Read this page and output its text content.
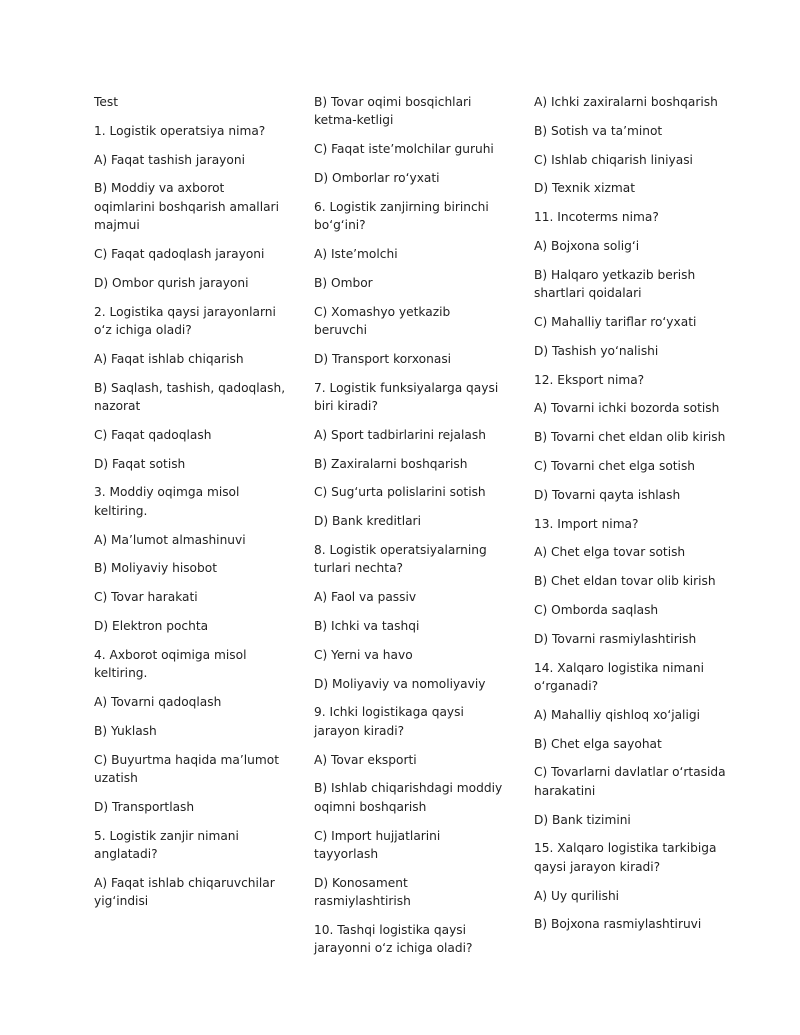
Test
1. Logistik operatsiya nima?
A) Faqat tashish jarayoni
B) Moddiy va axborot oqimlarini boshqarish amallari majmui
C) Faqat qadoqlash jarayoni
D) Ombor qurish jarayoni
2. Logistika qaysi jarayonlarni o‘z ichiga oladi?
A) Faqat ishlab chiqarish
B) Saqlash, tashish, qadoqlash, nazorat
C) Faqat qadoqlash
D) Faqat sotish
3. Moddiy oqimga misol keltiring.
A) Ma’lumot almashinuvi
B) Moliyaviy hisobot
C) Tovar harakati
D) Elektron pochta
4. Axborot oqimiga misol keltiring.
A) Tovarni qadoqlash
B) Yuklash
C) Buyurtma haqida ma’lumot uzatish
D) Transportlash
5. Logistik zanjir nimani anglatadi?
A) Faqat ishlab chiqaruvchilar yig‘indisi
B) Tovar oqimi bosqichlari ketma-ketligi
C) Faqat iste’molchilar guruhi
D) Omborlar ro‘yxati
6. Logistik zanjirning birinchi bo‘g‘ini?
A) Iste’molchi
B) Ombor
C) Xomashyo yetkazib beruvchi
D) Transport korxonasi
7. Logistik funksiyalarga qaysi biri kiradi?
A) Sport tadbirlarini rejalash
B) Zaxiralarni boshqarish
C) Sug‘urta polislarini sotish
D) Bank kreditlari
8. Logistik operatsiyalarning turlari nechta?
A) Faol va passiv
B) Ichki va tashqi
C) Yerni va havo
D) Moliyaviy va nomoliyaviy
9. Ichki logistikaga qaysi jarayon kiradi?
A) Tovar eksporti
B) Ishlab chiqarishdagi moddiy oqimni boshqarish
C) Import hujjatlarini tayyorlash
D) Konosament rasmiylashtirish
10. Tashqi logistika qaysi jarayonni o‘z ichiga oladi?
A) Ichki zaxiralarni boshqarish
B) Sotish va ta’minot
C) Ishlab chiqarish liniyasi
D) Texnik xizmat
11. Incoterms nima?
A) Bojxona solig‘i
B) Halqaro yetkazib berish shartlari qoidalari
C) Mahalliy tariflar ro‘yxati
D) Tashish yo‘nalishi
12. Eksport nima?
A) Tovarni ichki bozorda sotish
B) Tovarni chet eldan olib kirish
C) Tovarni chet elga sotish
D) Tovarni qayta ishlash
13. Import nima?
A) Chet elga tovar sotish
B) Chet eldan tovar olib kirish
C) Omborda saqlash
D) Tovarni rasmiylashtirish
14. Xalqaro logistika nimani o‘rganadi?
A) Mahalliy qishloq xo‘jaligi
B) Chet elga sayohat
C) Tovarlarni davlatlar o‘rtasida harakatini
D) Bank tizimini
15. Xalqaro logistika tarkibiga qaysi jarayon kiradi?
A) Uy qurilishi
B) Bojxona rasmiylashtiruvi
